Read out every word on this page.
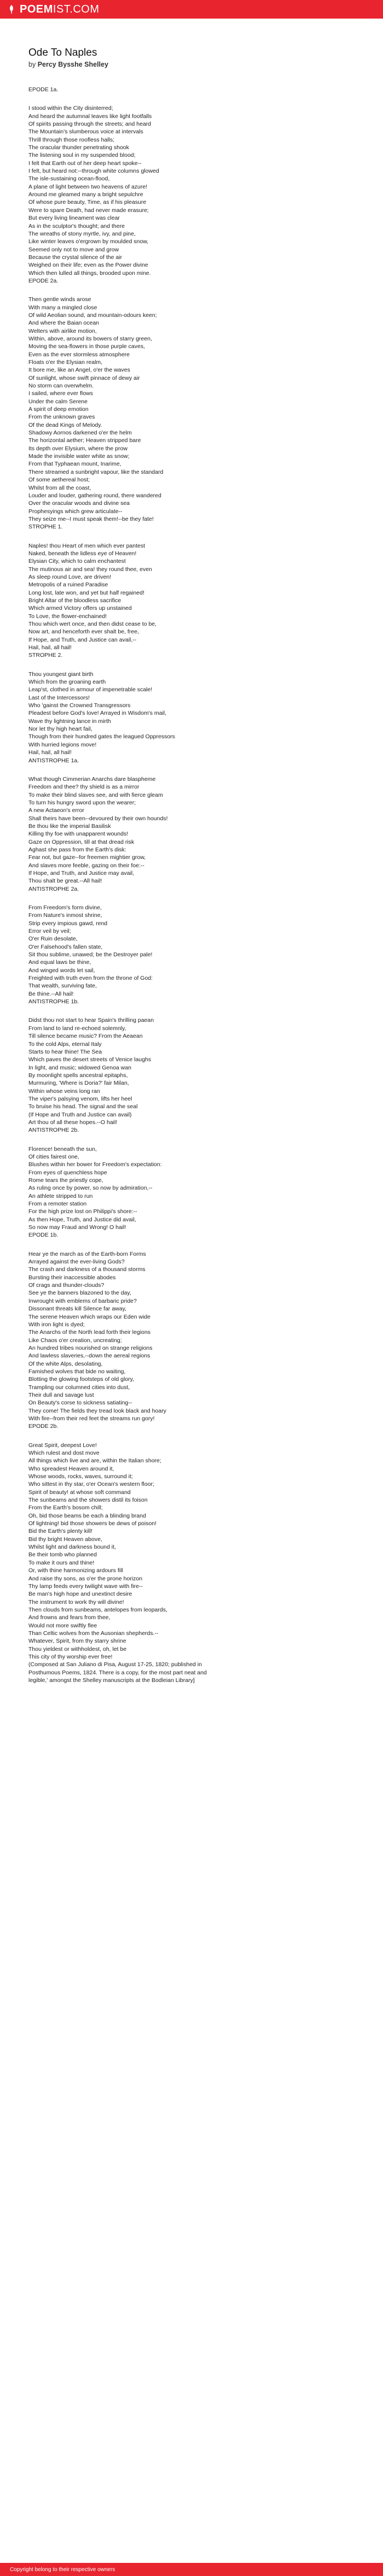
POEM IST.COM
Ode To Naples
by Percy Bysshe Shelley
EPODE 1a.
I stood within the City disinterred;
And heard the autumnal leaves like light footfalls
Of spirits passing through the streets; and heard
The Mountain's slumberous voice at intervals
Thrill through those roofless halls;
The oracular thunder penetrating shook
The listening soul in my suspended blood;
I felt that Earth out of her deep heart spoke--
I felt, but heard not:--through white columns glowed
The isle-sustaining ocean-flood,
A plane of light between two heavens of azure!
Around me gleamed many a bright sepulchre
Of whose pure beauty, Time, as if his pleasure
Were to spare Death, had never made erasure;
But every living lineament was clear
As in the sculptor's thought; and there
The wreaths of stony myrtle, ivy, and pine,
Like winter leaves o'ergrown by moulded snow,
Seemed only not to move and grow
Because the crystal silence of the air
Weighed on their life; even as the Power divine
Which then lulled all things, brooded upon mine.
EPODE 2a.
Then gentle winds arose
With many a mingled close
Of wild Aeolian sound, and mountain-odours keen;
And where the Baian ocean
Welters with airlike motion,
Within, above, around its bowers of starry green,
Moving the sea-flowers in those purple caves,
Even as the ever stormless atmosphere
Floats o'er the Elysian realm,
It bore me, like an Angel, o'er the waves
Of sunlight, whose swift pinnace of dewy air
No storm can overwhelm.
I sailed, where ever flows
Under the calm Serene
A spirit of deep emotion
From the unknown graves
Of the dead Kings of Melody.
Shadowy Aornos darkened o'er the helm
The horizontal aether; Heaven stripped bare
Its depth over Elysium, where the prow
Made the invisible water white as snow;
From that Typhaean mount, Inarime,
There streamed a sunbright vapour, like the standard
Of some aethereal host;
Whilst from all the coast,
Louder and louder, gathering round, there wandered
Over the oracular woods and divine sea
Prophesyings which grew articulate--
They seize me--I must speak them!--be they fate!
STROPHE 1.
Naples! thou Heart of men which ever pantest
Naked, beneath the lidless eye of Heaven!
Elysian City, which to calm enchantest
The mutinous air and sea! they round thee, even
As sleep round Love, are driven!
Metropolis of a ruined Paradise
Long lost, late won, and yet but half regained!
Bright Altar of the bloodless sacrifice
Which armed Victory offers up unstained
To Love, the flower-enchained!
Thou which wert once, and then didst cease to be,
Now art, and henceforth ever shalt be, free,
If Hope, and Truth, and Justice can avail,--
Hail, hail, all hail!
STROPHE 2.
Thou youngest giant birth
Which from the groaning earth
Leap'st, clothed in armour of impenetrable scale!
Last of the Intercessors!
Who 'gainst the Crowned Transgressors
Pleadest before God's love! Arrayed in Wisdom's mail,
Wave thy lightning lance in mirth
Nor let thy high heart fail,
Though from their hundred gates the leagued Oppressors
With hurried legions move!
Hail, hail, all hail!
ANTISTROPHE 1a.
What though Cimmerian Anarchs dare blaspheme
Freedom and thee? thy shield is as a mirror
To make their blind slaves see, and with fierce gleam
To turn his hungry sword upon the wearer;
A new Actaeon's error
Shall theirs have been--devoured by their own hounds!
Be thou like the imperial Basilisk
Killing thy foe with unapparent wounds!
Gaze on Oppression, till at that dread risk
Aghast she pass from the Earth's disk:
Fear not, but gaze--for freemen mightier grow,
And slaves more feeble, gazing on their foe:--
If Hope, and Truth, and Justice may avail,
Thou shalt be great.--All hail!
ANTISTROPHE 2a.
From Freedom's form divine,
From Nature's inmost shrine,
Strip every impious gawd, rend
Error veil by veil;
O'er Ruin desolate,
O'er Falsehood's fallen state,
Sit thou sublime, unawed; be the Destroyer pale!
And equal laws be thine,
And winged words let sail,
Freighted with truth even from the throne of God:
That wealth, surviving fate,
Be thine.--All hail!
ANTISTROPHE 1b.
Didst thou not start to hear Spain's thrilling paean
From land to land re-echoed solemnly,
Till silence became music? From the Aeaean
To the cold Alps, eternal Italy
Starts to hear thine! The Sea
Which paves the desert streets of Venice laughs
In light, and music; widowed Genoa wan
By moonlight spells ancestral epitaphs,
Murmuring, 'Where is Doria?' fair Milan,
Within whose veins long ran
The viper's palsying venom, lifts her heel
To bruise his head. The signal and the seal
(If Hope and Truth and Justice can avail)
Art thou of all these hopes.--O hail!
ANTISTROPHE 2b.
Florence! beneath the sun,
Of cities fairest one,
Blushes within her bower for Freedom's expectation:
From eyes of quenchless hope
Rome tears the priestly cope,
As ruling once by power, so now by admiration,--
An athlete stripped to run
From a remoter station
For the high prize lost on Philippi's shore:--
As then Hope, Truth, and Justice did avail,
So now may Fraud and Wrong! O hail!
EPODE 1b.
Hear ye the march as of the Earth-born Forms
Arrayed against the ever-living Gods?
The crash and darkness of a thousand storms
Bursting their inaccessible abodes
Of crags and thunder-clouds?
See ye the banners blazoned to the day,
Inwrought with emblems of barbaric pride?
Dissonant threats kill Silence far away,
The serene Heaven which wraps our Eden wide
With iron light is dyed;
The Anarchs of the North lead forth their legions
Like Chaos o'er creation, uncreating;
An hundred tribes nourished on strange religions
And lawless slaveries,--down the aereal regions
Of the white Alps, desolating,
Famished wolves that bide no waiting,
Blotting the glowing footsteps of old glory,
Trampling our columned cities into dust,
Their dull and savage lust
On Beauty's corse to sickness satiating--
They come! The fields they tread look black and hoary
With fire--from their red feet the streams run gory!
EPODE 2b.
Great Spirit, deepest Love!
Which rulest and dost move
All things which live and are, within the Italian shore;
Who spreadest Heaven around it,
Whose woods, rocks, waves, surround it;
Who sittest in thy star, o'er Ocean's western floor;
Spirit of beauty! at whose soft command
The sunbeams and the showers distil its foison
From the Earth's bosom chill;
Oh, bid those beams be each a blinding brand
Of lightning! bid those showers be dews of poison!
Bid the Earth's plenty kill!
Bid thy bright Heaven above,
Whilst light and darkness bound it,
Be their tomb who planned
To make it ours and thine!
Or, with thine harmonizing ardours fill
And raise thy sons, as o'er the prone horizon
Thy lamp feeds every twilight wave with fire--
Be man's high hope and unextinct desire
The instrument to work thy will divine!
Then clouds from sunbeams, antelopes from leopards,
And frowns and fears from thee,
Would not more swiftly flee
Than Celtic wolves from the Ausonian shepherds.--
Whatever, Spirit, from thy starry shrine
Thou yieldest or withholdest, oh, let be
This city of thy worship ever free!
(Composed at San Juliano di Pisa, August 17-25, 1820; published in
Posthumous Poems, 1824. There is a copy, for the most part neat and
legible,' amongst the Shelley manuscripts at the Bodleian Library]
Copyright belong to their respective owners
